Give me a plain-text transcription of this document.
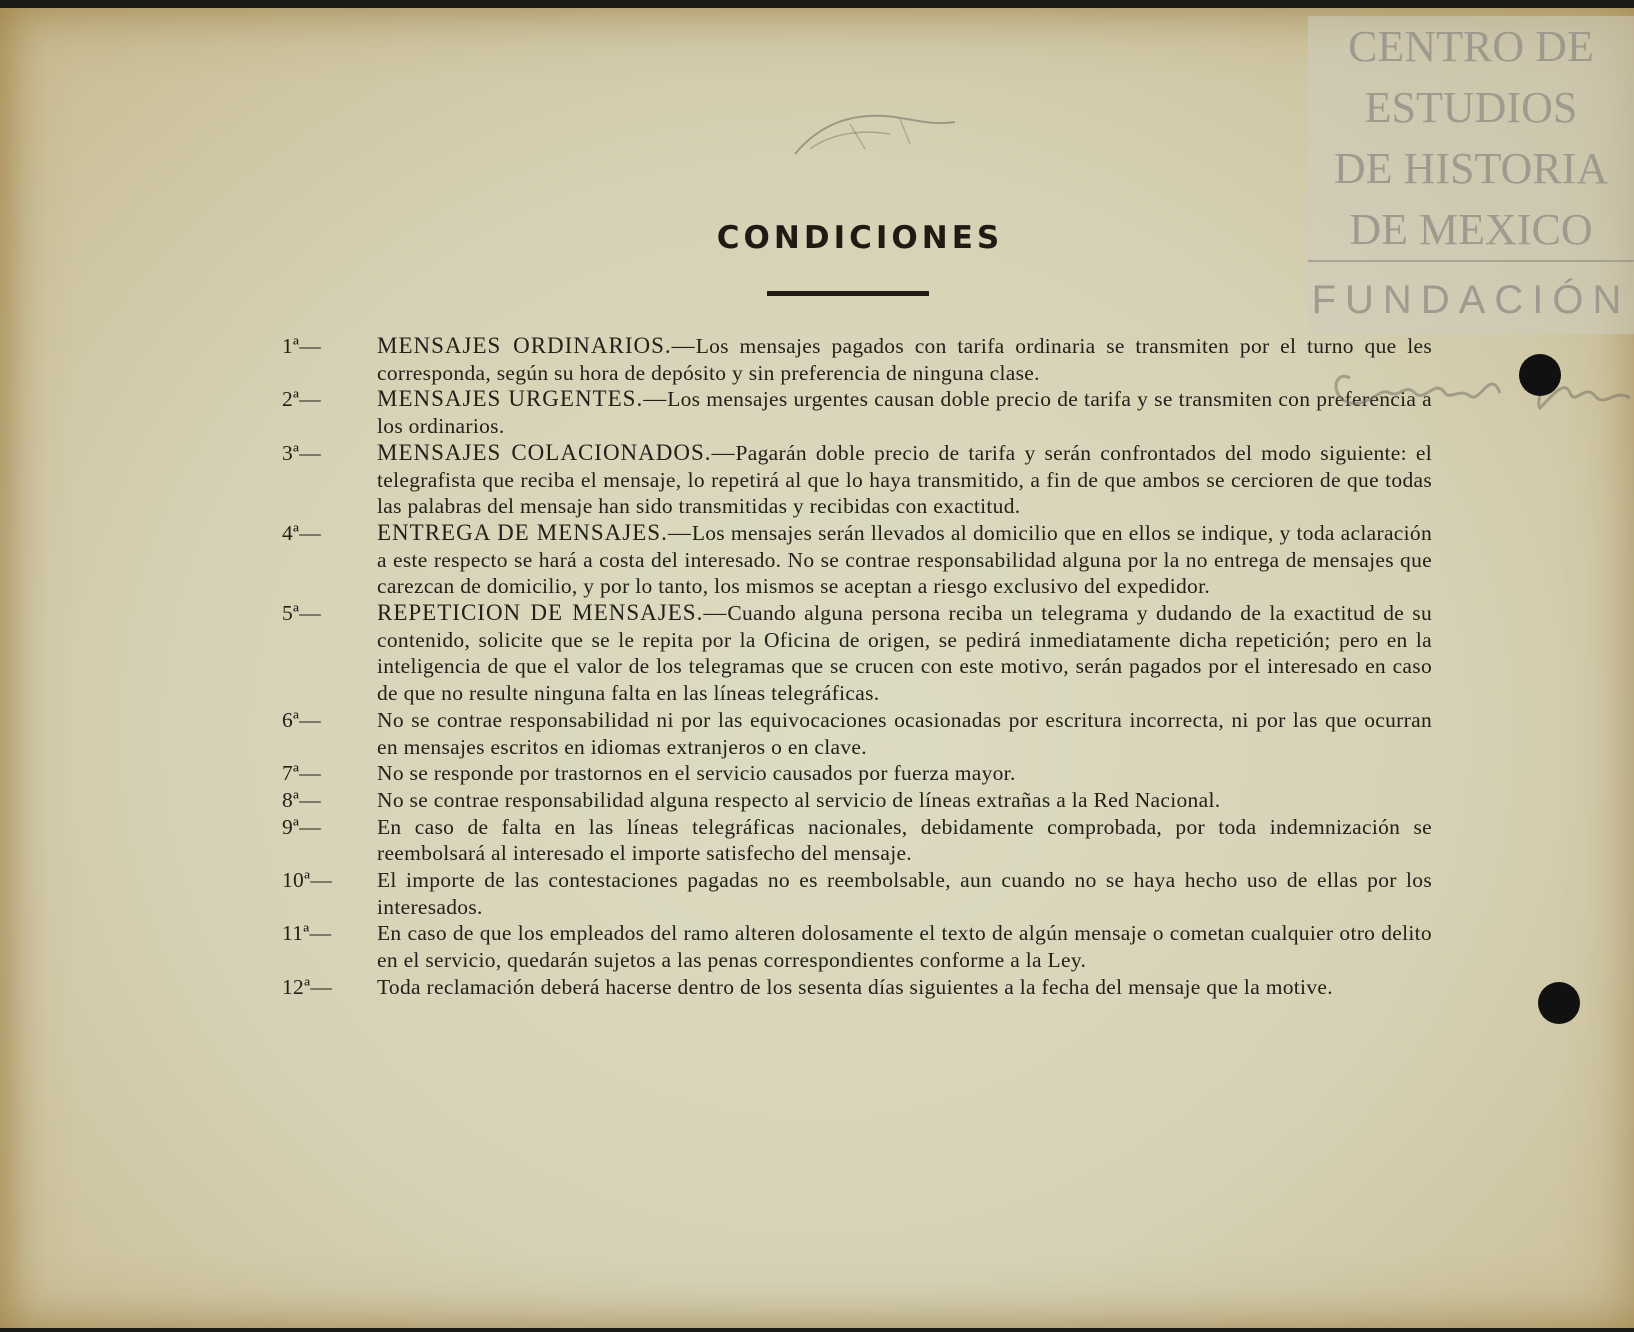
CONDICIONES

1ª— MENSAJES ORDINARIOS.—Los mensajes pagados con tarifa ordinaria se transmiten por el turno que les corresponda, según su hora de depósito y sin preferencia de ninguna clase.

2ª— MENSAJES URGENTES.—Los mensajes urgentes causan doble precio de tarifa y se transmiten con preferencia a los ordinarios.

3ª— MENSAJES COLACIONADOS.—Pagarán doble precio de tarifa y serán confrontados del modo siguiente: el telegrafista que reciba el mensaje, lo repetirá al que lo haya transmitido, a fin de que ambos se cercioren de que todas las palabras del mensaje han sido transmitidas y recibidas con exactitud.

4ª— ENTREGA DE MENSAJES.—Los mensajes serán llevados al domicilio que en ellos se indique, y toda aclaración a este respecto se hará a costa del interesado. No se contrae responsabilidad alguna por la no entrega de mensajes que carezcan de domicilio, y por lo tanto, los mismos se aceptan a riesgo exclusivo del expedidor.

5ª— REPETICION DE MENSAJES.—Cuando alguna persona reciba un telegrama y dudando de la exactitud de su contenido, solicite que se le repita por la Oficina de origen, se pedirá inmediatamente dicha repetición; pero en la inteligencia de que el valor de los telegramas que se crucen con este motivo, serán pagados por el interesado en caso de que no resulte ninguna falta en las líneas telegráficas.

6ª—	No se contrae responsabilidad ni por las equivocaciones ocasionadas por escritura incorrecta, ni por las que ocurran en mensajes escritos en idiomas extranjeros o en clave.

7ª—	No se responde por trastornos en el servicio causados por fuerza mayor.

8ª—	No se contrae responsabilidad alguna respecto al servicio de líneas extrañas a la Red Nacional.

9ª—	En caso de falta en las líneas telegráficas nacionales, debidamente comprobada, por toda indemnización se reembolsará al interesado el importe satisfecho del mensaje.

10ª— El importe de las contestaciones pagadas no es reembolsable, aun cuando no se haya hecho uso de ellas por los interesados.

11ª— En caso de que los empleados del ramo alteren dolosamente el texto de algún mensaje o cometan cualquier otro delito en el servicio, quedarán sujetos a las penas correspondientes conforme a la Ley.

12ª— Toda reclamación deberá hacerse dentro de los sesenta días siguientes a la fecha del mensaje que la motive.

CENTRO DE
ESTUDIOS
DE HISTORIA
DE MEXICO
FUNDACIÓN
